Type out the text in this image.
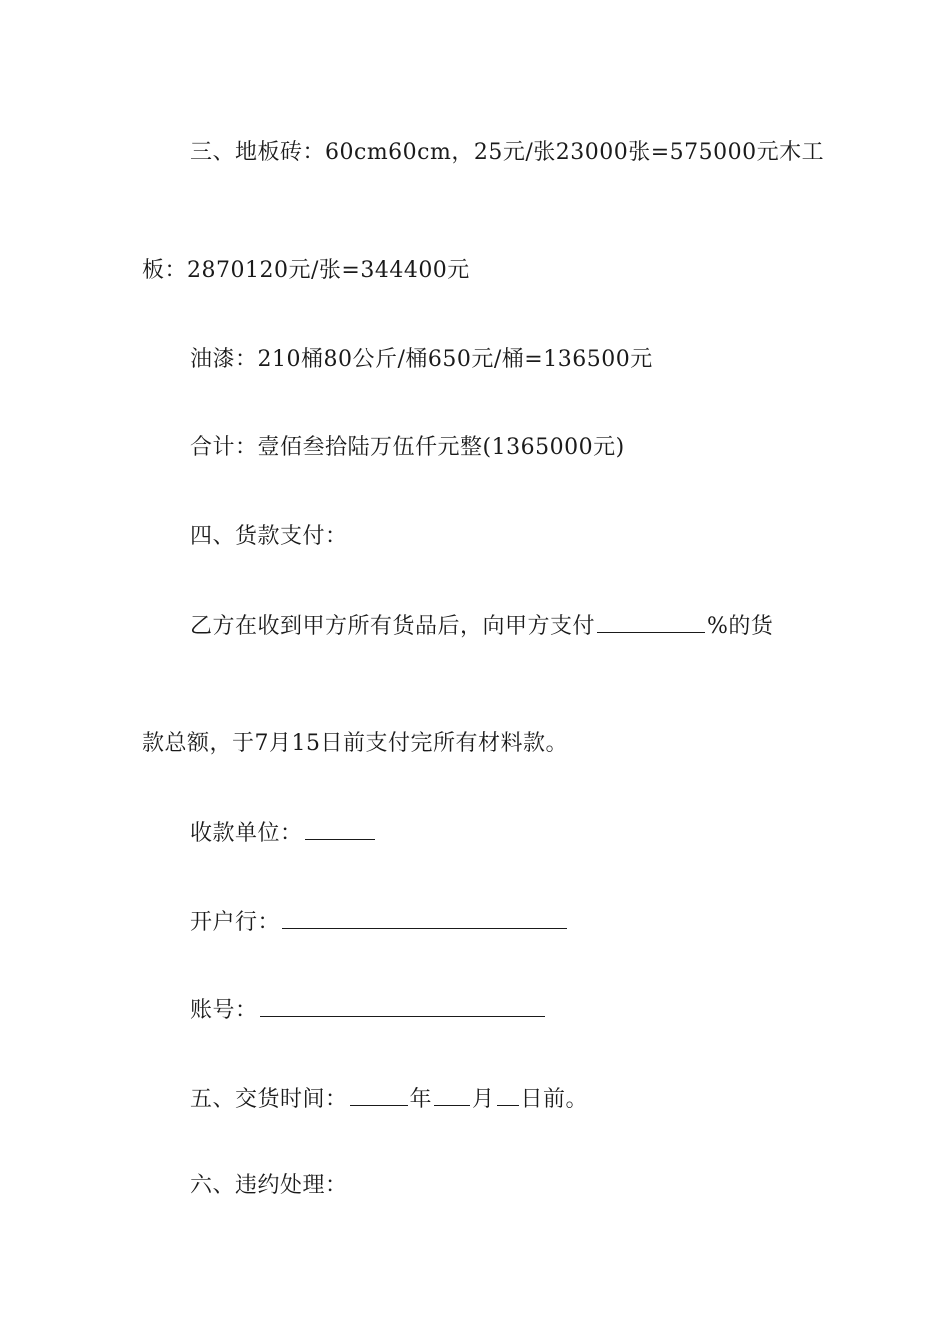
三、地板砖：60cm60cm，25元/张23000张=575000元木工
板：2870120元/张=344400元
油漆：210桶80公斤/桶650元/桶=136500元
合计：壹佰叁拾陆万伍仟元整(1365000元)
四、货款支付：
乙方在收到甲方所有货品后，向甲方支付	%的货
款总额，于7月15日前支付完所有材料款。
收款单位：
开户行：
账号：
五、交货时间：	年 月 日前。
六、违约处理：
